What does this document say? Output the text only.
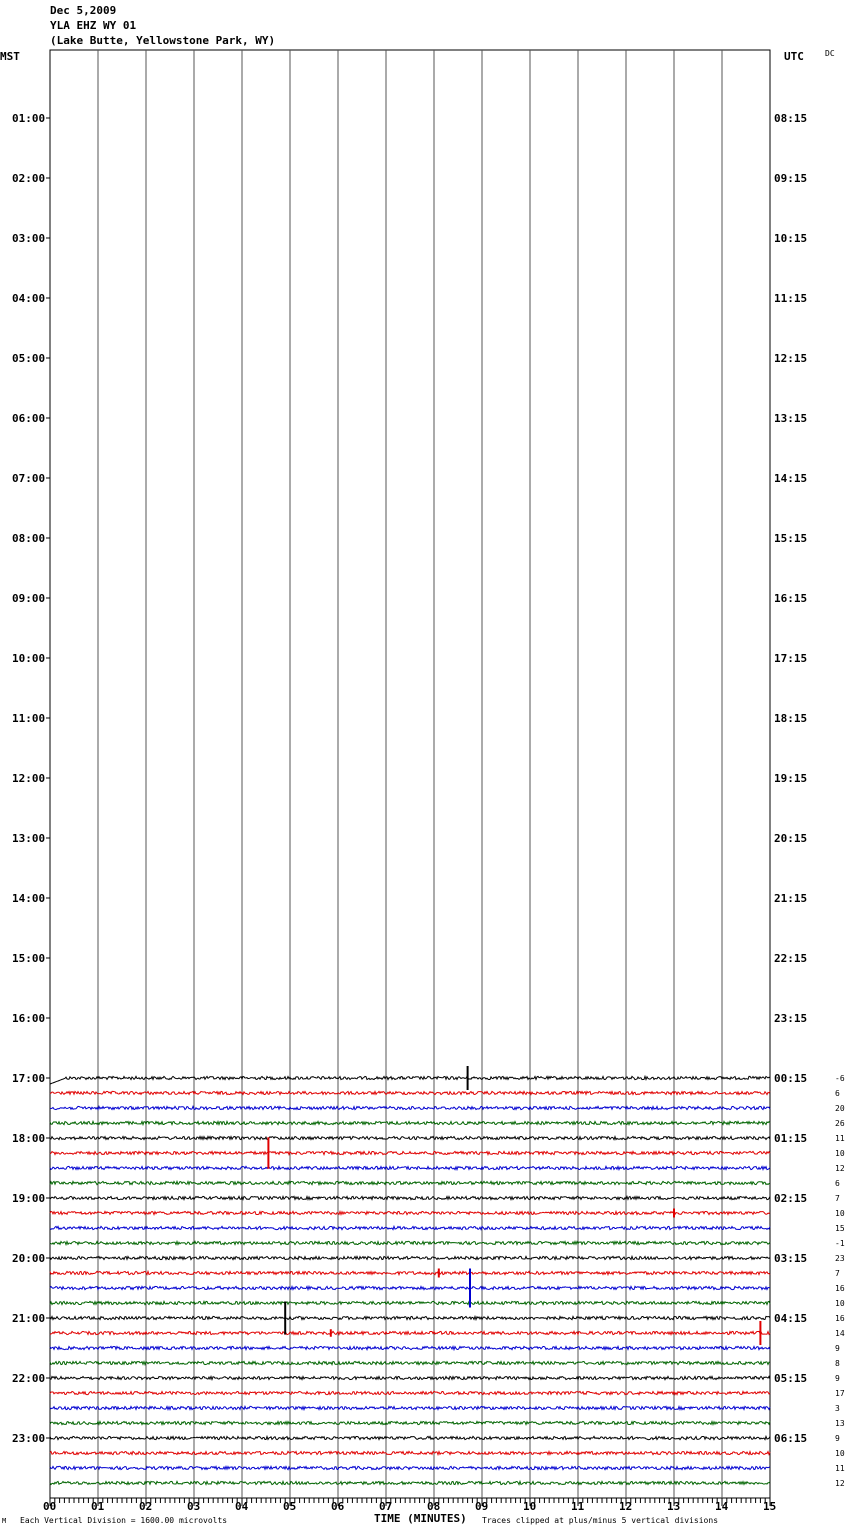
Dec 5,2009
YLA EHZ WY 01
(Lake Butte, Yellowstone Park, WY)
MST	UTC	DC
01:00
02:00
03:00
04:00
05:00
06:00
07:00
08:00
09:00
10:00
11:00
12:00
13:00
14:00
15:00
16:00
17:00
18:00
19:00
20:00
21:00
22:00
23:00
08:15
09:15
10:15
11:15
12:15
13:15
14:15
15:15
16:15
17:15
18:15
19:15
20:15
21:15
22:15
23:15
00:15
01:15
02:15
03:15
04:15
05:15
06:15
-6
6
20
26
11
10
12
6
7
10
15
-1
23
7
16
10
16
14
9
8
9
17
3
13
9
10
11
12
00	01	02	03	04	05	06	07	08	09	10	11	12	13	14	15
M Each Vertical Division = 1600.00 microvolts	TIME (MINUTES) Traces clipped at plus/minus 5 vertical divisions
